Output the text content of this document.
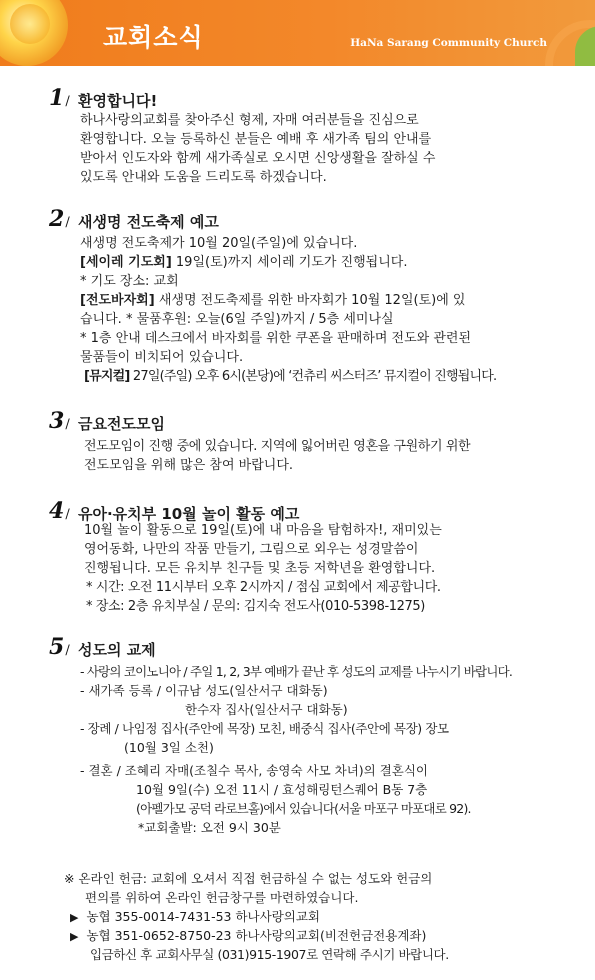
교회소식	HaNa Sarang Community Church
1 / 환영합니다!
하나사랑의교회를 찾아주신 형제, 자매 여러분들을 진심으로
환영합니다. 오늘 등록하신 분들은 예배 후 새가족 팀의 안내를
받아서 인도자와 함께 새가족실로 오시면 신앙생활을 잘하실 수
있도록 안내와 도움을 드리도록 하겠습니다.
2 / 새생명 전도축제 예고
새생명 전도축제가 10월 20일(주일)에 있습니다.
[세이레 기도회] 19일(토)까지 세이레 기도가 진행됩니다.
* 기도 장소: 교회
[전도바자회] 새생명 전도축제를 위한 바자회가 10월 12일(토)에 있
습니다. * 물품후원: 오늘(6일 주일)까지 / 5층 세미나실
* 1층 안내 데스크에서 바자회를 위한 쿠폰을 판매하며 전도와 관련된
물품들이 비치되어 있습니다.
[뮤지컬] 27일(주일) 오후 6시(본당)에 ‘컨츄리 씨스터즈’ 뮤지컬이 진행됩니다.
3 / 금요전도모임
전도모임이 진행 중에 있습니다. 지역에 잃어버린 영혼을 구원하기 위한
전도모임을 위해 많은 참여 바랍니다.
4 / 유아·유치부 10월 놀이 활동 예고
10월 놀이 활동으로 19일(토)에 내 마음을 탐험하자!, 재미있는
영어동화, 나만의 작품 만들기, 그림으로 외우는 성경말씀이
진행됩니다. 모든 유치부 친구들 및 초등 저학년을 환영합니다.
* 시간: 오전 11시부터 오후 2시까지 / 점심 교회에서 제공합니다.
* 장소: 2층 유치부실 / 문의: 김지숙 전도사(010-5398-1275)
5 / 성도의 교제
- 사랑의 코이노니아 / 주일 1, 2, 3부 예배가 끝난 후 성도의 교제를 나누시기 바랍니다.
- 새가족 등록 / 이규남 성도(일산서구 대화동)
한수자 집사(일산서구 대화동)
- 장례 / 나임정 집사(주안에 목장) 모친, 배중식 집사(주안에 목장) 장모
(10월 3일 소천)
- 결혼 / 조혜리 자매(조칠수 목사, 송영숙 사모 차녀)의 결혼식이
10월 9일(수) 오전 11시 / 효성해링턴스퀘어 B동 7층
(아펠가모 공덕 라로브홀)에서 있습니다(서울 마포구 마포대로 92).
*교회출발: 오전 9시 30분
※ 온라인 헌금: 교회에 오셔서 직접 헌금하실 수 없는 성도와 헌금의
편의를 위하여 온라인 헌금창구를 마련하였습니다.
▶ 농협 355-0014-7431-53 하나사랑의교회
▶ 농협 351-0652-8750-23 하나사랑의교회(비전헌금전용계좌)
입금하신 후 교회사무실 (031)915-1907로 연락해 주시기 바랍니다.
